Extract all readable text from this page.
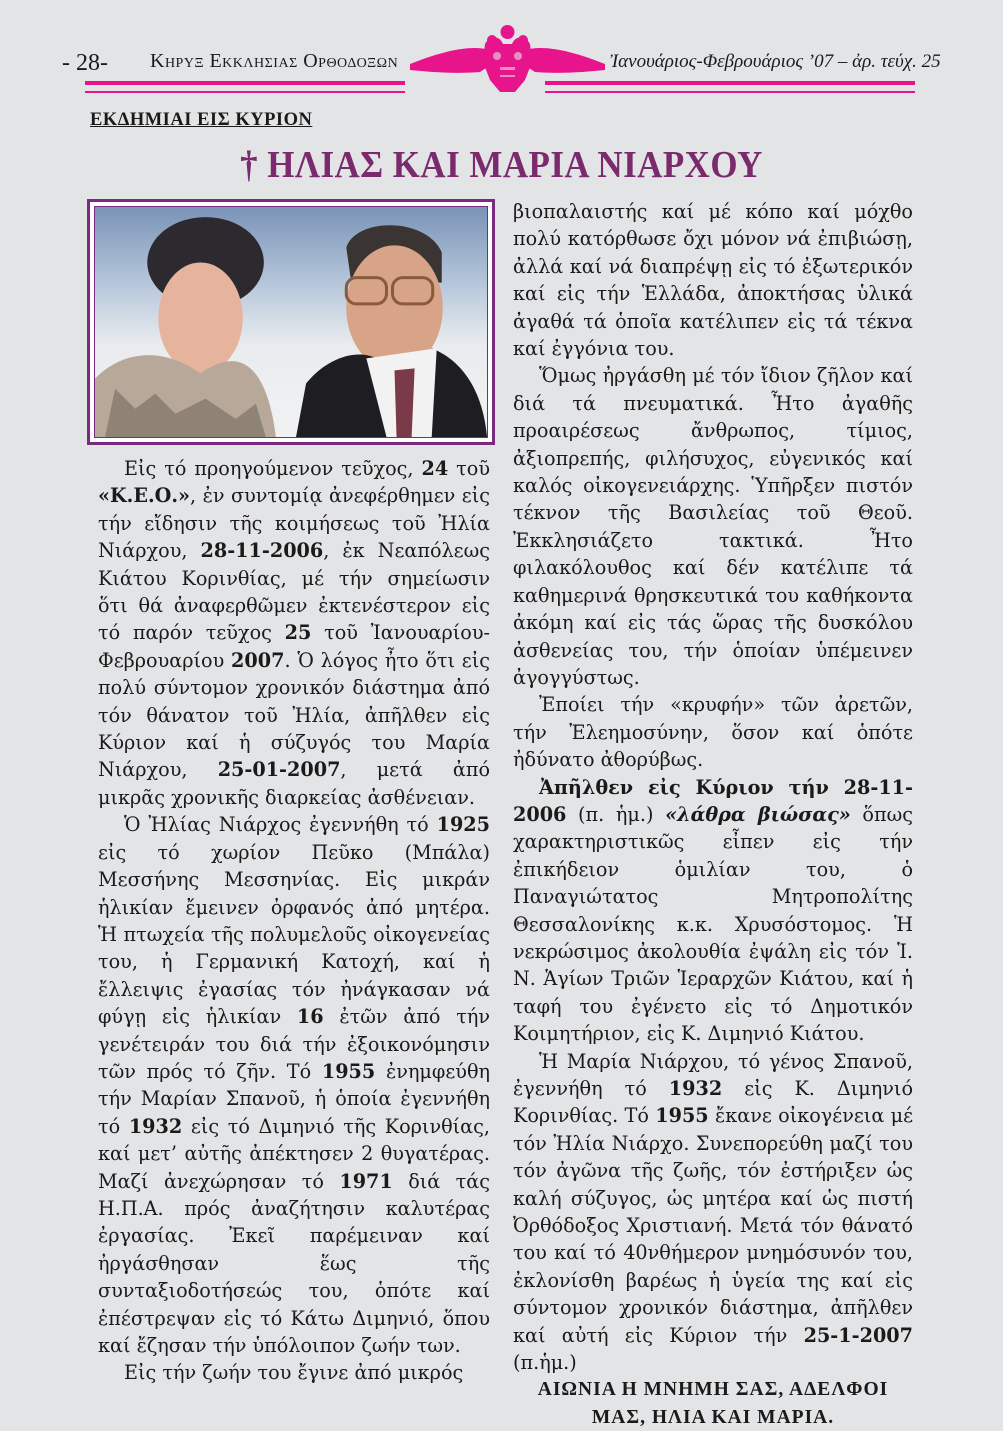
- 28- Κηρυξ Εκκλησιας Ορθοδοξων	Ἰανουάριος-Φεβρουάριος ’07 – ἀρ. τεύχ. 25
ΕΚΔΗΜΙΑΙ ΕΙΣ ΚΥΡΙΟΝ
† ΗΛΙΑΣ ΚΑΙ ΜΑΡΙΑ ΝΙΑΡΧΟΥ

Εἰς τό προηγούμενον τεῦχος, 24 τοῦ «Κ.Ε.Ο.», ἐν συντομίᾳ ἀνεφέρθημεν εἰς τήν εἴδησιν τῆς κοιμήσεως τοῦ Ἠλία Νιάρχου, 28-11-2006, ἐκ Νεαπόλεως Κιάτου Κορινθίας, μέ τήν σημείωσιν ὅτι θά ἀναφερθῶμεν ἐκτενέστερον εἰς τό παρόν τεῦχος 25 τοῦ Ἰανουαρίου-Φεβρουαρίου 2007. Ὁ λόγος ἦτο ὅτι εἰς πολύ σύντομον χρονικόν διάστημα ἀπό τόν θάνατον τοῦ Ἠλία, ἀπῆλθεν εἰς Κύριον καί ἡ σύζυγός του Μαρία Νιάρχου, 25-01-2007, μετά ἀπό μικρᾶς χρονικῆς διαρκείας ἀσθένειαν.

Ὁ Ἠλίας Νιάρχος ἐγεννήθη τό 1925 εἰς τό χωρίον Πεῦκο (Μπάλα) Μεσσήνης Μεσσηνίας. Εἰς μικράν ἡλικίαν ἔμεινεν ὀρφανός ἀπό μητέρα. Ἡ πτωχεία τῆς πολυμελοῦς οἰκογενείας του, ἡ Γερμανική Κατοχή, καί ἡ ἔλλειψις ἐγασίας τόν ἠνάγκασαν νά φύγῃ εἰς ἡλικίαν 16 ἐτῶν ἀπό τήν γενέτειράν του διά τήν ἐξοικονόμησιν τῶν πρός τό ζῆν. Τό 1955 ἐνημφεύθη τήν Μαρίαν Σπανοῦ, ἡ ὁποία ἐγεννήθη τό 1932 εἰς τό Διμηνιό τῆς Κορινθίας, καί μετ’ αὐτῆς ἀπέκτησεν 2 θυγατέρας. Μαζί ἀνεχώρησαν τό 1971 διά τάς Η.Π.Α. πρός ἀναζήτησιν καλυτέρας ἐργασίας. Ἐκεῖ παρέμειναν καί ἠργάσθησαν ἕως τῆς συνταξιοδοτήσεώς του, ὁπότε καί ἐπέστρεψαν εἰς τό Κάτω Διμηνιό, ὅπου καί ἔζησαν τήν ὑπόλοιπον ζωήν των.

Εἰς τήν ζωήν του ἔγινε ἀπό μικρός

βιοπαλαιστής καί μέ κόπο καί μόχθο πολύ κατόρθωσε ὄχι μόνον νά ἐπιβιώσῃ, ἀλλά καί νά διαπρέψῃ εἰς τό ἐξωτερικόν καί εἰς τήν Ἑλλάδα, ἀποκτήσας ὑλικά ἀγαθά τά ὁποῖα κατέλιπεν εἰς τά τέκνα καί ἐγγόνια του.

Ὅμως ἠργάσθη μέ τόν ἴδιον ζῆλον καί διά τά πνευματικά. Ἦτο ἀγαθῆς προαιρέσεως ἄνθρωπος, τίμιος, ἀξιοπρεπής, φιλήσυχος, εὐγενικός καί καλός οἰκογενειάρχης. Ὑπῆρξεν πιστόν τέκνον τῆς Βασιλείας τοῦ Θεοῦ. Ἐκκλησιάζετο τακτικά. Ἦτο φιλακόλουθος καί δέν κατέλιπε τά καθημερινά θρησκευτικά του καθήκοντα ἀκόμη καί εἰς τάς ὥρας τῆς δυσκόλου ἀσθενείας του, τήν ὁποίαν ὑπέμεινεν ἀγογγύστως.

Ἐποίει τήν «κρυφήν» τῶν ἀρετῶν, τήν Ἐλεημοσύνην, ὅσον καί ὁπότε ἠδύνατο ἀθορύβως.

Ἀπῆλθεν εἰς Κύριον τήν 28-11-2006 (π. ἡμ.) «λάθρα βιώσας» ὅπως χαρακτηριστικῶς εἶπεν εἰς τήν ἐπικήδειον ὁμιλίαν του, ὁ Παναγιώτατος Μητροπολίτης Θεσσαλονίκης κ.κ. Χρυσόστομος. Ἡ νεκρώσιμος ἀκολουθία ἐψάλη εἰς τόν Ἱ. Ν. Ἁγίων Τριῶν Ἱεραρχῶν Κιάτου, καί ἡ ταφή του ἐγένετο εἰς τό Δημοτικόν Κοιμητήριον, εἰς Κ. Διμηνιό Κιάτου.

Ἡ Μαρία Νιάρχου, τό γένος Σπανοῦ, ἐγεννήθη τό 1932 εἰς Κ. Διμηνιό Κορινθίας. Τό 1955 ἔκανε οἰκογένεια μέ τόν Ἠλία Νιάρχο. Συνεπορεύθη μαζί του τόν ἀγῶνα τῆς ζωῆς, τόν ἐστήριξεν ὡς καλή σύζυγος, ὡς μητέρα καί ὡς πιστή Ὀρθόδοξος Χριστιανή. Μετά τόν θάνατό του καί τό 40νθήμερον μνημόσυνόν του, ἐκλονίσθη βαρέως ἡ ὑγεία της καί εἰς σύντομον χρονικόν διάστημα, ἀπῆλθεν καί αὐτή εἰς Κύριον τήν 25-1-2007 (π.ἡμ.)

ΑΙΩΝΙΑ Η ΜΝΗΜΗ ΣΑΣ, ΑΔΕΛΦΟΙ ΜΑΣ, ΗΛΙΑ ΚΑΙ ΜΑΡΙΑ.
